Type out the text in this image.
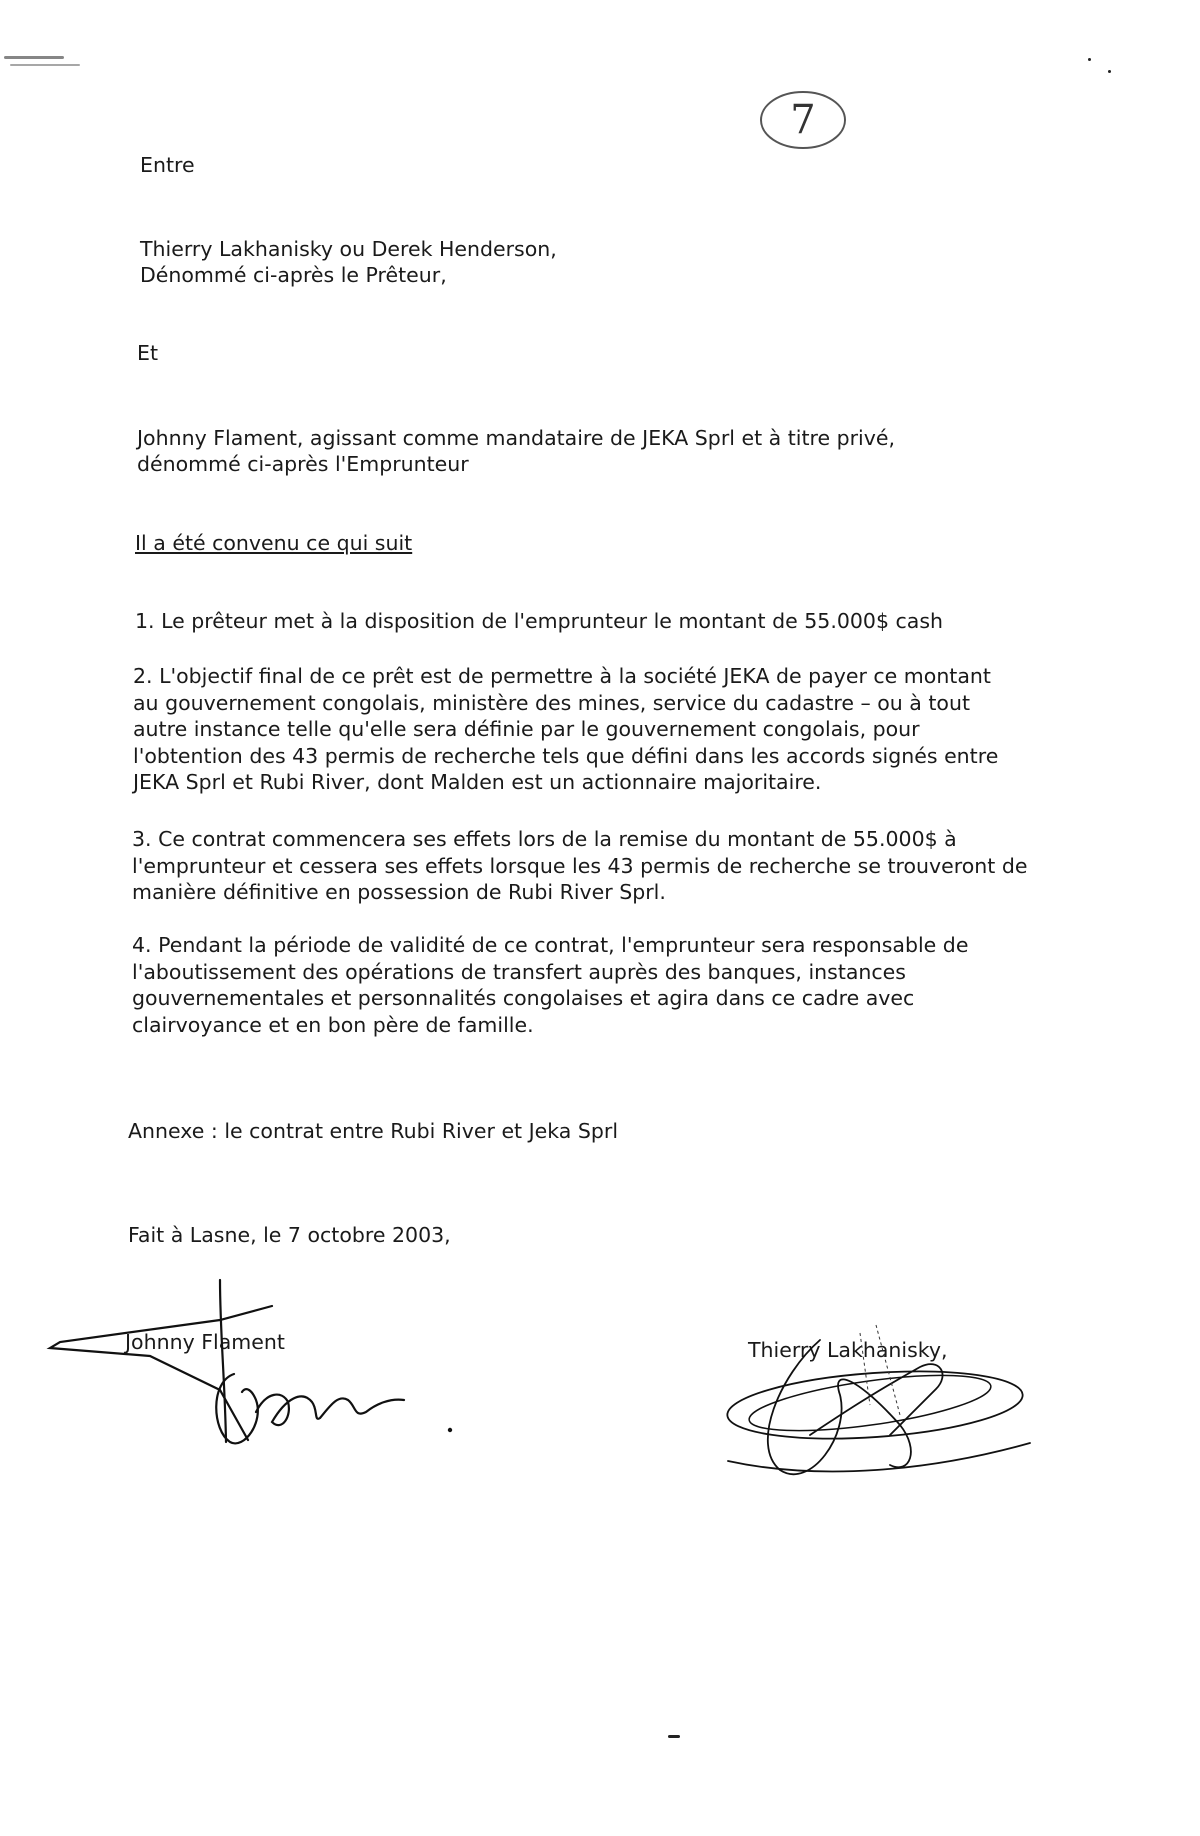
7

Entre

Thierry Lakhanisky ou Derek Henderson,

Dénommé ci-après le Prêteur,

Et

Johnny Flament, agissant comme mandataire de JEKA Sprl et à titre privé,

dénommé ci-après l'Emprunteur

Il a été convenu ce qui suit

1. Le prêteur met à la disposition de l'emprunteur le montant de 55.000$ cash
2. L'objectif final de ce prêt est de permettre à la société JEKA de payer ce montant
au gouvernement congolais, ministère des mines, service du cadastre – ou à tout
autre instance telle qu'elle sera définie par le gouvernement congolais, pour
l'obtention des 43 permis de recherche tels que défini dans les accords signés entre
JEKA Sprl et Rubi River, dont Malden est un actionnaire majoritaire.
3. Ce contrat commencera ses effets lors de la remise du montant de 55.000$ à
l'emprunteur et cessera ses effets lorsque les 43 permis de recherche se trouveront de
manière définitive en possession de Rubi River Sprl.
4. Pendant la période de validité de ce contrat, l'emprunteur sera responsable de
l'aboutissement des opérations de transfert auprès des banques, instances
gouvernementales et personnalités congolaises et agira dans ce cadre avec
clairvoyance et en bon père de famille.

Annexe : le contrat entre Rubi River et Jeka Sprl

Fait à Lasne, le 7 octobre 2003,

Johnny Flament	Thierry Lakhanisky,
